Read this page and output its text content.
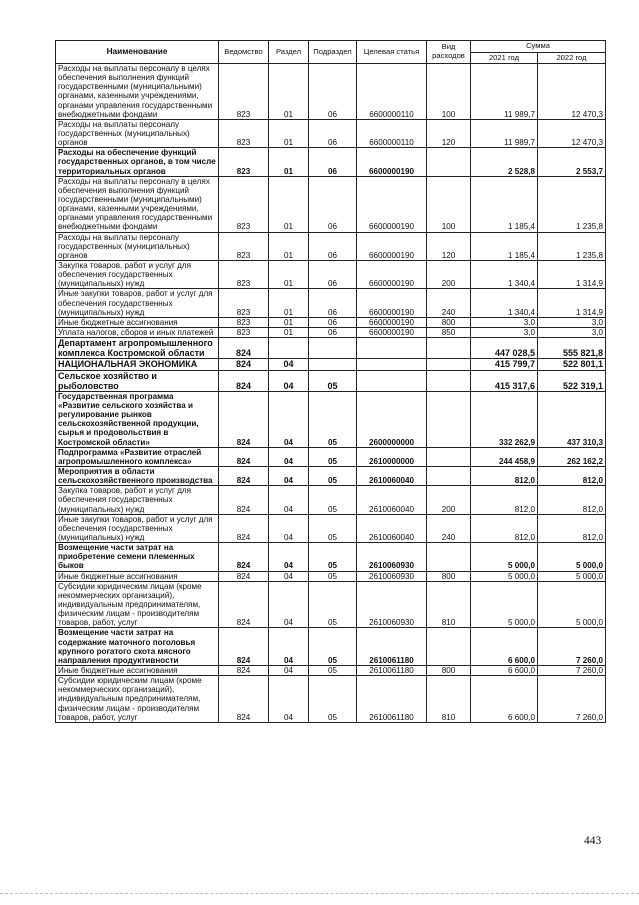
Наименование	Ведомство	Раздел	Подраздел	Целевая статья	Вид расходов	Сумма	
						2021 год	2022 год
Расходы на выплаты персоналу в целях обеспечения выполнения функций государственными (муниципальными) органами, казенными учреждениями, органами управления государственными внебюджетными фондами	823	01	06	6600000110	100	11 989,7	12 470,3
Расходы на выплаты персоналу государственных (муниципальных) органов	823	01	06	6600000110	120	11 989,7	12 470,3
Расходы на обеспечение функций государственных органов, в том числе территориальных органов	823	01	06	6600000190		2 528,8	2 553,7
Расходы на выплаты персоналу в целях обеспечения выполнения функций государственными (муниципальными) органами, казенными учреждениями, органами управления государственными внебюджетными фондами	823	01	06	6600000190	100	1 185,4	1 235,8
Расходы на выплаты персоналу государственных (муниципальных) органов	823	01	06	6600000190	120	1 185,4	1 235,8
Закупка товаров, работ и услуг для обеспечения государственных (муниципальных) нужд	823	01	06	6600000190	200	1 340,4	1 314,9
Иные закупки товаров, работ и услуг для обеспечения государственных (муниципальных) нужд	823	01	06	6600000190	240	1 340,4	1 314,9
Иные бюджетные ассигнования	823	01	06	6600000190	800	3,0	3,0
Уплата налогов, сборов и иных платежей	823	01	06	6600000190	850	3,0	3,0
Департамент агропромышленного комплекса Костромской области	824					447 028,5	555 821,8
НАЦИОНАЛЬНАЯ ЭКОНОМИКА	824	04				415 799,7	522 801,1
Сельское хозяйство и рыболовство	824	04	05			415 317,6	522 319,1
Государственная программа «Развитие сельского хозяйства и регулирование рынков сельскохозяйственной продукции, сырья и продовольствия в Костромской области»	824	04	05	2600000000		332 262,9	437 310,3
Подпрограмма «Развитие отраслей агропромышленного комплекса»	824	04	05	2610000000		244 458,9	262 162,2
Мероприятия в области сельскохозяйственного производства	824	04	05	2610060040		812,0	812,0
Закупка товаров, работ и услуг для обеспечения государственных (муниципальных) нужд	824	04	05	2610060040	200	812,0	812,0
Иные закупки товаров, работ и услуг для обеспечения государственных (муниципальных) нужд	824	04	05	2610060040	240	812,0	812,0
Возмещение части затрат на приобретение семени племенных быков	824	04	05	2610060930		5 000,0	5 000,0
Иные бюджетные ассигнования	824	04	05	2610060930	800	5 000,0	5 000,0
Субсидии юридическим лицам (кроме некоммерческих организаций), индивидуальным предпринимателям, физическим лицам - производителям товаров, работ, услуг	824	04	05	2610060930	810	5 000,0	5 000,0
Возмещение части затрат на содержание маточного поголовья крупного рогатого скота мясного направления продуктивности	824	04	05	2610061180		6 600,0	7 260,0
Иные бюджетные ассигнования	824	04	05	2610061180	800	6 600,0	7 260,0
Субсидии юридическим лицам (кроме некоммерческих организаций), индивидуальным предпринимателям, физическим лицам - производителям товаров, работ, услуг	824	04	05	2610061180	810	6 600,0	7 260,0
443
